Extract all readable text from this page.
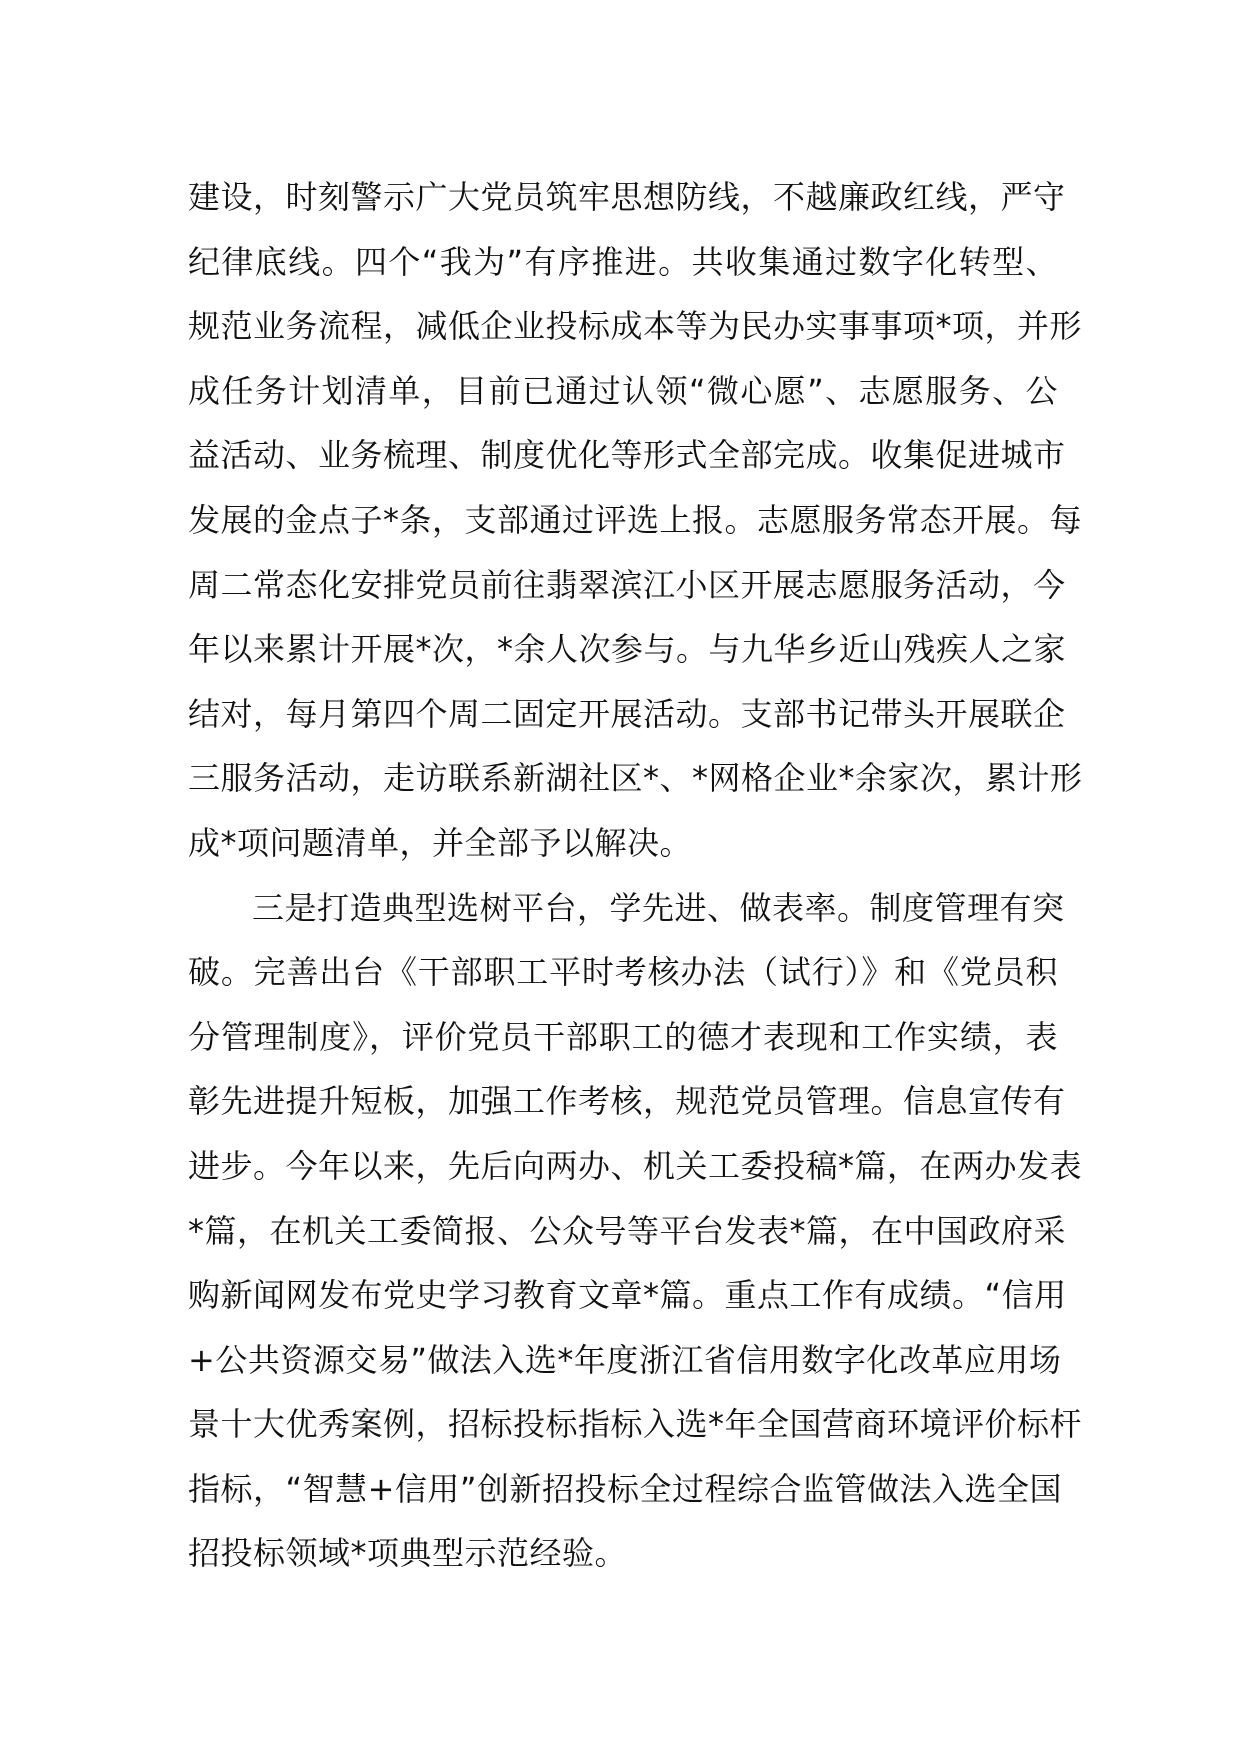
建设，时刻警示广大党员筑牢思想防线，不越廉政红线，严守
纪律底线。四个“我为”有序推进。共收集通过数字化转型、
规范业务流程，减低企业投标成本等为民办实事事项*项，并形
成任务计划清单，目前已通过认领“微心愿”、志愿服务、公
益活动、业务梳理、制度优化等形式全部完成。收集促进城市
发展的金点子*条，支部通过评选上报。志愿服务常态开展。每
周二常态化安排党员前往翡翠滨江小区开展志愿服务活动，今
年以来累计开展*次，*余人次参与。与九华乡近山残疾人之家
结对，每月第四个周二固定开展活动。支部书记带头开展联企
三服务活动，走访联系新湖社区*、*网格企业*余家次，累计形
成*项问题清单，并全部予以解决。
三是打造典型选树平台，学先进、做表率。制度管理有突
破。完善出台《干部职工平时考核办法（试行）》和《党员积
分管理制度》，评价党员干部职工的德才表现和工作实绩，表
彰先进提升短板，加强工作考核，规范党员管理。信息宣传有
进步。今年以来，先后向两办、机关工委投稿*篇，在两办发表
*篇，在机关工委简报、公众号等平台发表*篇，在中国政府采
购新闻网发布党史学习教育文章*篇。重点工作有成绩。“信用
+公共资源交易”做法入选*年度浙江省信用数字化改革应用场
景十大优秀案例，招标投标指标入选*年全国营商环境评价标杆
指标，“智慧+信用”创新招投标全过程综合监管做法入选全国
招投标领域*项典型示范经验。
